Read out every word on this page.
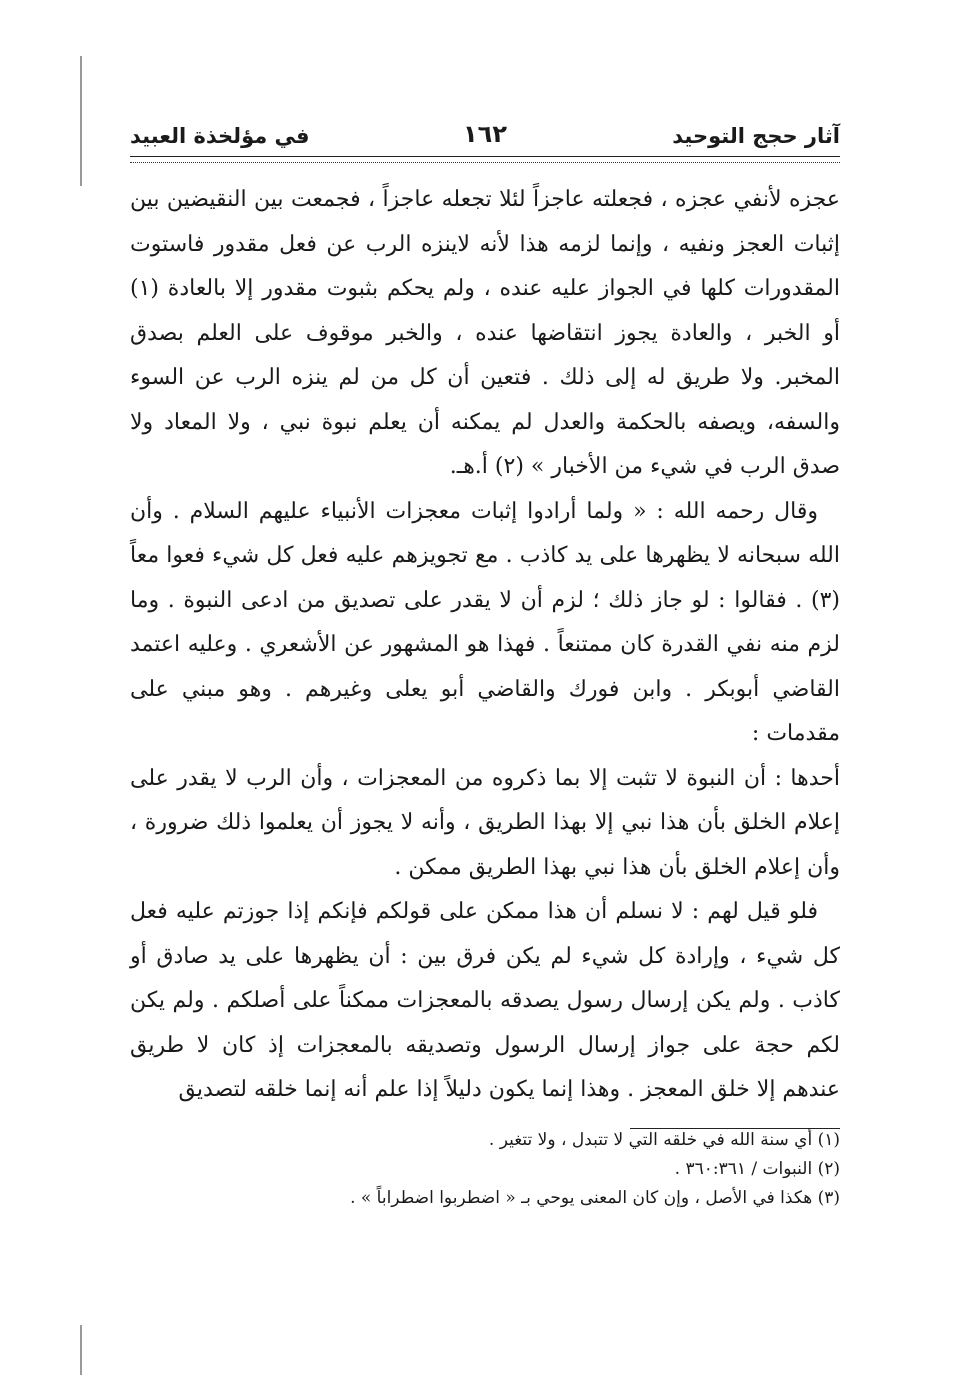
آثار حجج التوحيد
١٦٢
في مؤلخذة العبيد

عجزه لأنفي عجزه ، فجعلته عاجزاً لئلا تجعله عاجزاً ، فجمعت بين النقيضين بين إثبات العجز ونفيه ، وإنما لزمه هذا لأنه لاينزه الرب عن فعل مقدور فاستوت المقدورات كلها في الجواز عليه عنده ، ولم يحكم بثبوت مقدور إلا بالعادة (١) أو الخبر ، والعادة يجوز انتقاضها عنده ، والخبر موقوف على العلم بصدق المخبر. ولا طريق له إلى ذلك . فتعين أن كل من لم ينزه الرب عن السوء والسفه، ويصفه بالحكمة والعدل لم يمكنه أن يعلم نبوة نبي ، ولا المعاد ولا صدق الرب في شيء من الأخبار » (٢) أ.هـ.

وقال رحمه الله : « ولما أرادوا إثبات معجزات الأنبياء عليهم السلام . وأن الله سبحانه لا يظهرها على يد كاذب . مع تجويزهم عليه فعل كل شيء فعوا معاً (٣) . فقالوا : لو جاز ذلك ؛ لزم أن لا يقدر على تصديق من ادعى النبوة . وما لزم منه نفي القدرة كان ممتنعاً . فهذا هو المشهور عن الأشعري . وعليه اعتمد القاضي أبوبكر . وابن فورك والقاضي أبو يعلى وغيرهم . وهو مبني على مقدمات :

أحدها : أن النبوة لا تثبت إلا بما ذكروه من المعجزات ، وأن الرب لا يقدر على إعلام الخلق بأن هذا نبي إلا بهذا الطريق ، وأنه لا يجوز أن يعلموا ذلك ضرورة ، وأن إعلام الخلق بأن هذا نبي بهذا الطريق ممكن .

فلو قيل لهم : لا نسلم أن هذا ممكن على قولكم فإنكم إذا جوزتم عليه فعل كل شيء ، وإرادة كل شيء لم يكن فرق بين : أن يظهرها على يد صادق أو كاذب . ولم يكن إرسال رسول يصدقه بالمعجزات ممكناً على أصلكم . ولم يكن لكم حجة على جواز إرسال الرسول وتصديقه بالمعجزات إذ كان لا طريق عندهم إلا خلق المعجز . وهذا إنما يكون دليلاً إذا علم أنه إنما خلقه لتصديق

(١) أي سنة الله في خلقه التي لا تتبدل ، ولا تتغير .
(٢) النبوات / ٣٦٠:٣٦١ .
(٣) هكذا في الأصل ، وإن كان المعنى يوحي بـ « اضطربوا اضطراباً » .
